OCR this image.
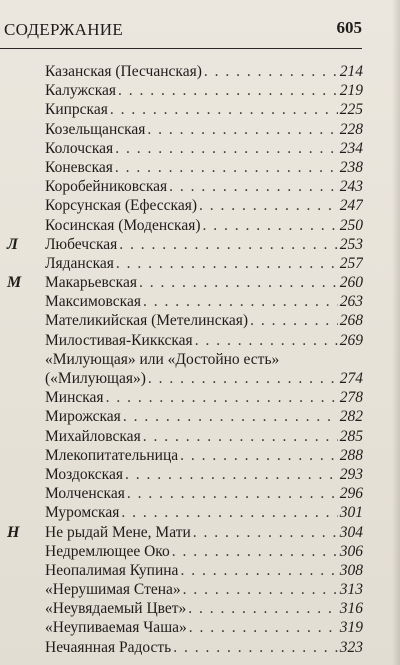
СОДЕРЖАНИЕ	605
Казанская (Песчанская) . . .	214
Калужская . . .	219
Кипрская . . .	225
Козельщанская . . .	228
Колочская . . .	234
Коневская . . .	238
Коробейниковская . . .	243
Корсунская (Ефесская) . . .	247
Косинская (Моденская) . . .	250
Л Любечская . . .	253
Ляданская . . .	257
М Макарьевская . . .	260
Максимовская . . .	263
Мателикийская (Метелинская) . . .	268
Милостивая-Киккская . . .	269
«Милующая» или «Достойно есть»
(«Милующая») . . .	274
Минская . . .	278
Мирожская . . .	282
Михайловская . . .	285
Млекопитательница . . .	288
Моздокская . . .	293
Молченская . . .	296
Муромская . . .	301
Н Не рыдай Мене, Мати . . .	304
Недремлющее Око . . .	306
Неопалимая Купина . . .	308
«Нерушимая Стена» . . .	313
«Неувядаемый Цвет» . . .	316
«Неупиваемая Чаша» . . .	319
Нечаянная Радость . . .	323
